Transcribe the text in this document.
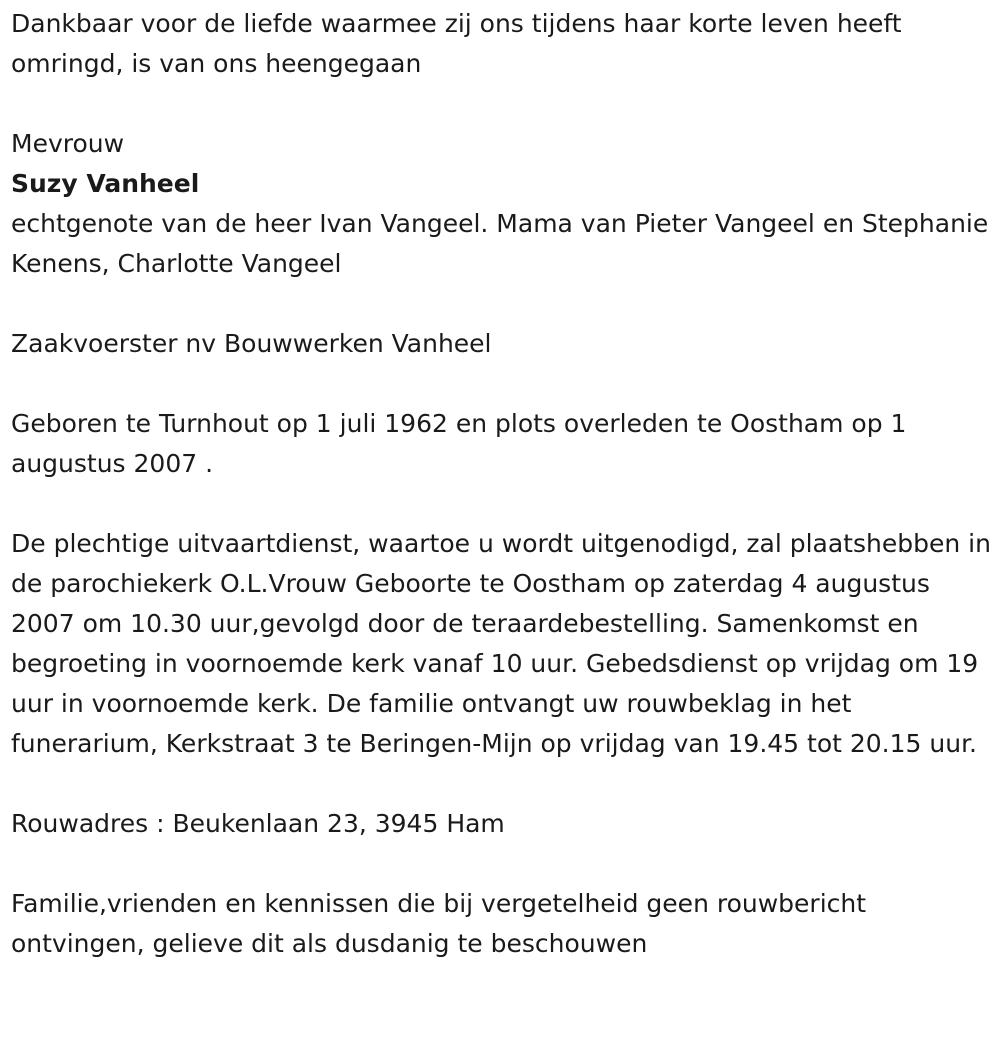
Dankbaar voor de liefde waarmee zij ons tijdens haar korte leven heeft omringd, is van ons heengegaan

Mevrouw

Suzy Vanheel

echtgenote van de heer Ivan Vangeel. Mama van Pieter Vangeel en Stephanie Kenens, Charlotte Vangeel

Zaakvoerster nv Bouwwerken Vanheel

Geboren te Turnhout op 1 juli 1962 en plots overleden te Oostham op 1 augustus 2007 .

De plechtige uitvaartdienst, waartoe u wordt uitgenodigd, zal plaatshebben in de parochiekerk O.L.Vrouw Geboorte te Oostham op zaterdag 4 augustus 2007 om 10.30 uur,gevolgd door de teraardebestelling. Samenkomst en begroeting in voornoemde kerk vanaf 10 uur. Gebedsdienst op vrijdag om 19 uur in voornoemde kerk. De familie ontvangt uw rouwbeklag in het funerarium, Kerkstraat 3 te Beringen-Mijn op vrijdag van 19.45 tot 20.15 uur.

Rouwadres : Beukenlaan 23, 3945 Ham

Familie,vrienden en kennissen die bij vergetelheid geen rouwbericht ontvingen, gelieve dit als dusdanig te beschouwen
